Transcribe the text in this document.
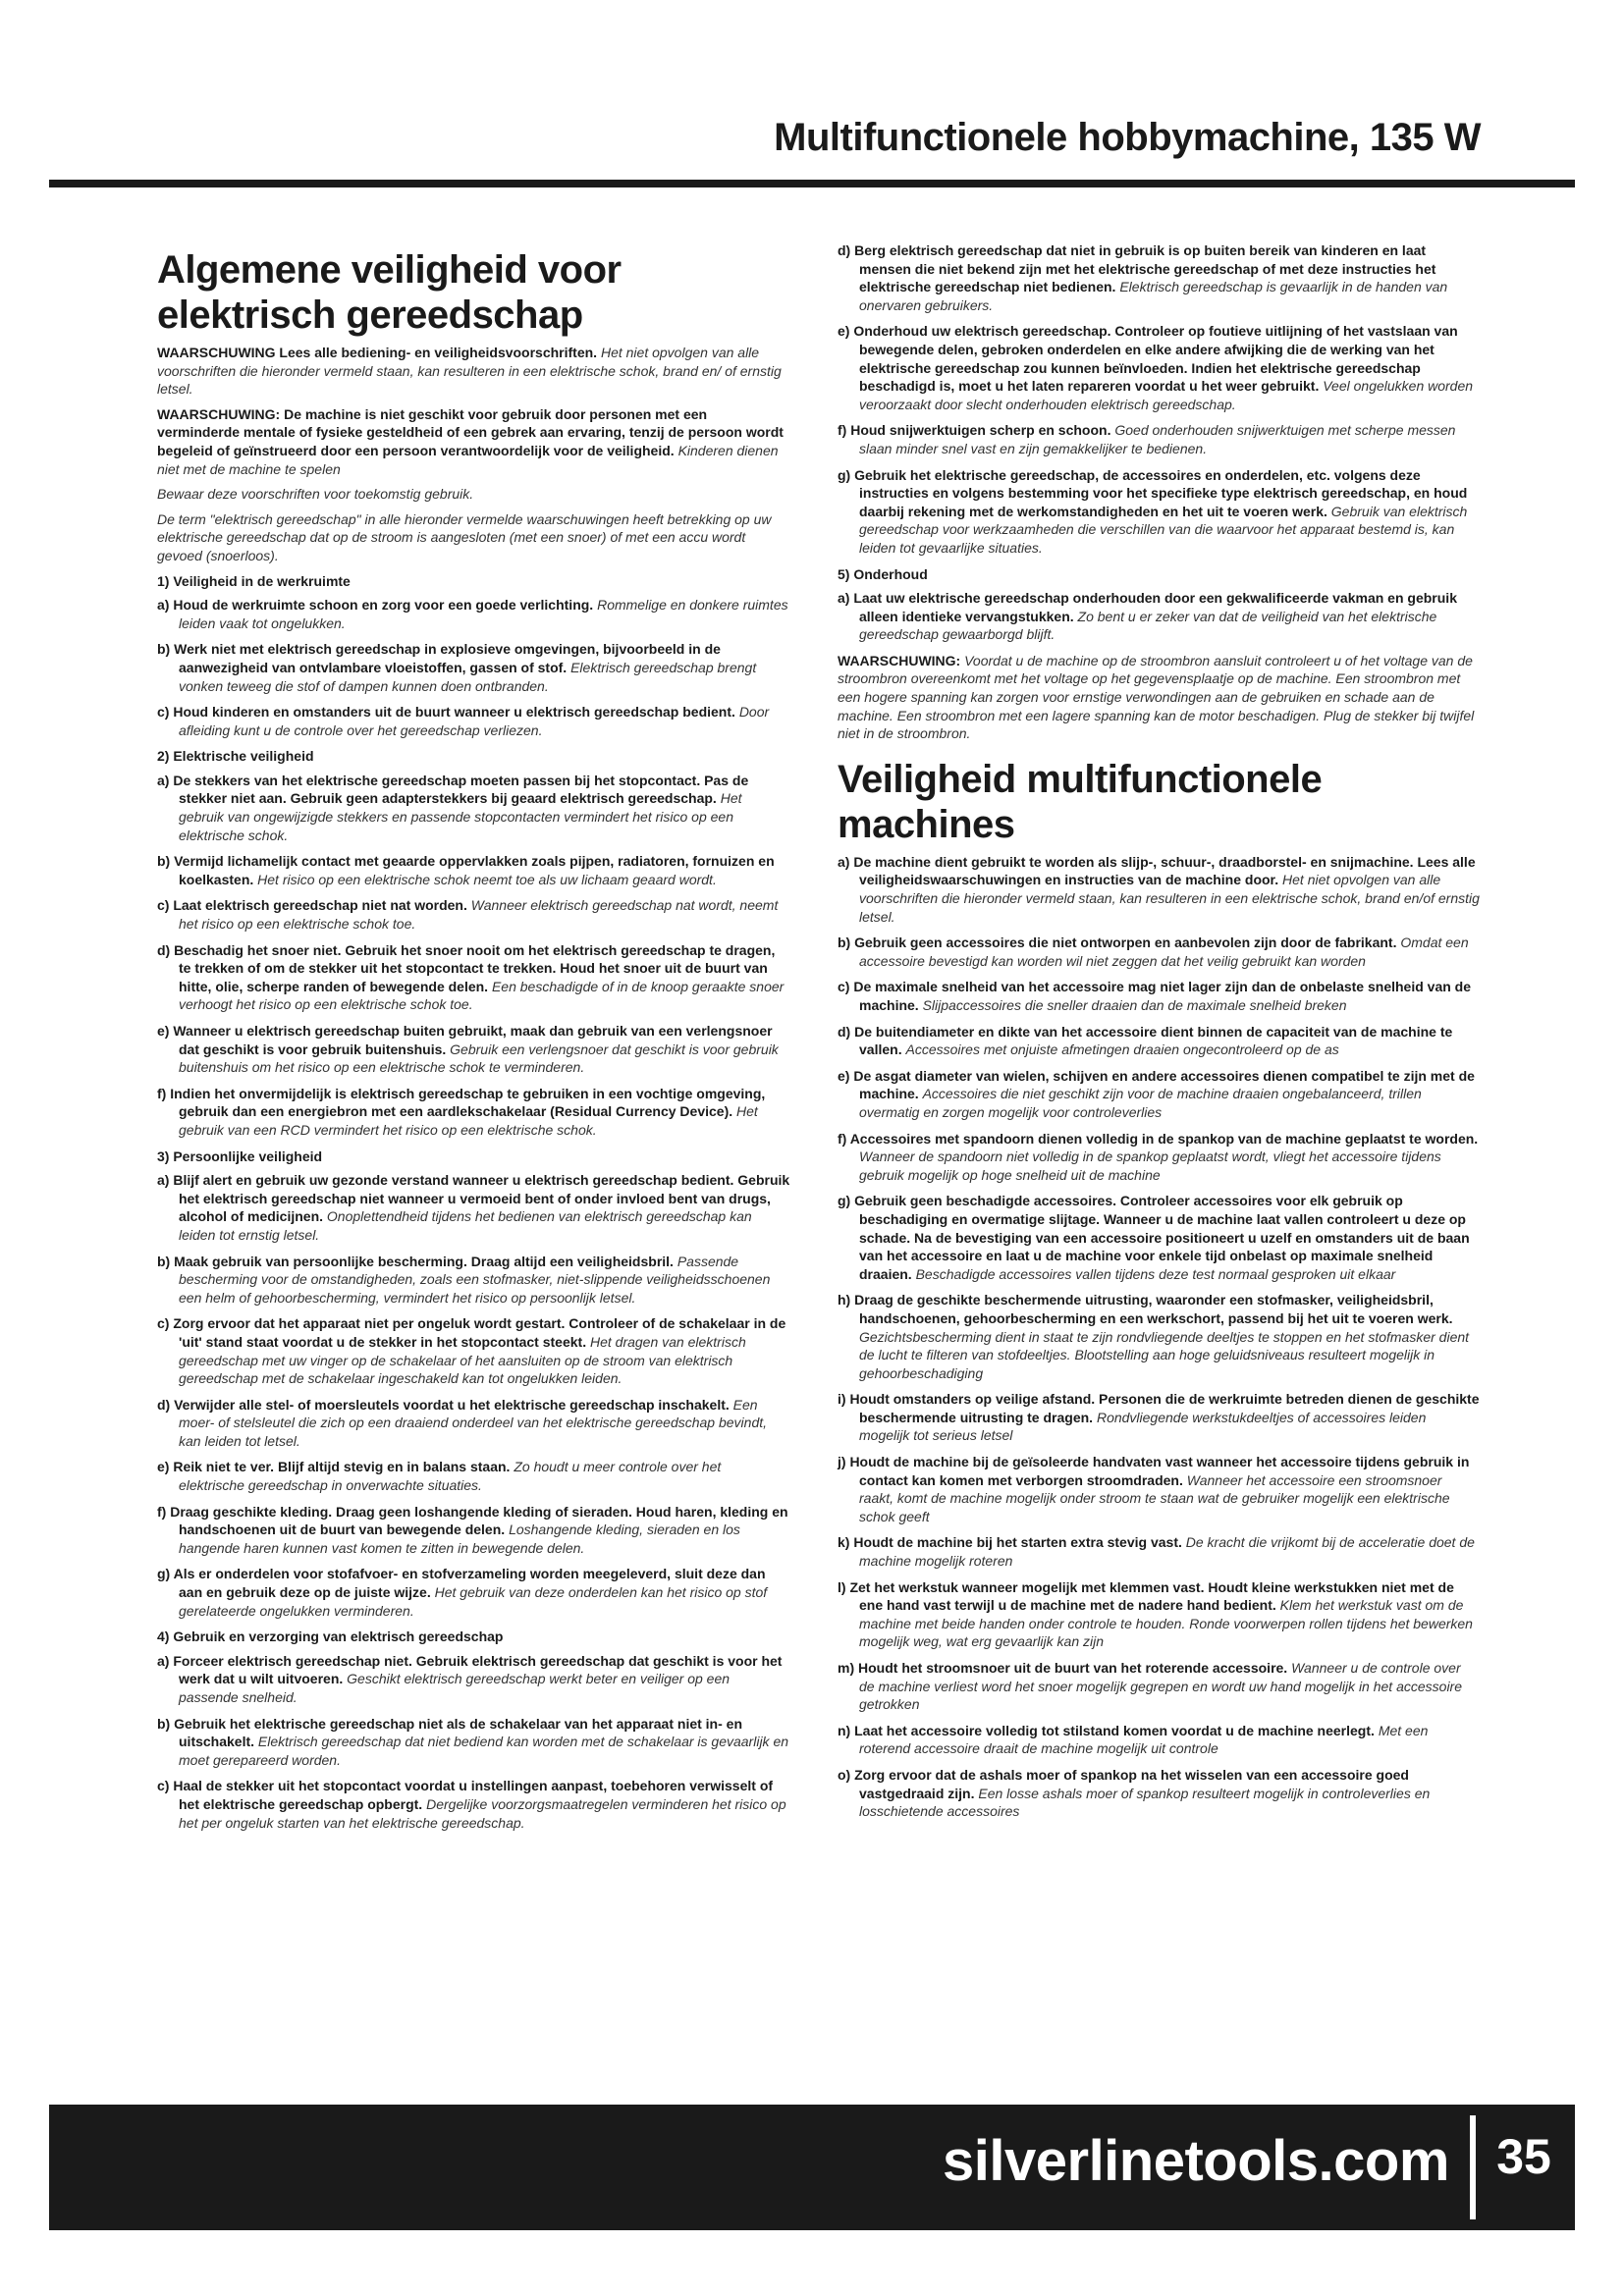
Multifunctionele hobbymachine, 135 W
Algemene veiligheid voor elektrisch gereedschap

WAARSCHUWING Lees alle bediening- en veiligheidsvoorschriften. Het niet opvolgen van alle voorschriften die hieronder vermeld staan, kan resulteren in een elektrische schok, brand en/ of ernstig letsel.

WAARSCHUWING: De machine is niet geschikt voor gebruik door personen met een verminderde mentale of fysieke gesteldheid of een gebrek aan ervaring, tenzij de persoon wordt begeleid of geïnstrueerd door een persoon verantwoordelijk voor de veiligheid. Kinderen dienen niet met de machine te spelen

Bewaar deze voorschriften voor toekomstig gebruik.

De term "elektrisch gereedschap" in alle hieronder vermelde waarschuwingen heeft betrekking op uw elektrische gereedschap dat op de stroom is aangesloten (met een snoer) of met een accu wordt gevoed (snoerloos).

1) Veiligheid in de werkruimte

a) Houd de werkruimte schoon en zorg voor een goede verlichting. Rommelige en donkere ruimtes leiden vaak tot ongelukken.

b) Werk niet met elektrisch gereedschap in explosieve omgevingen, bijvoorbeeld in de aanwezigheid van ontvlambare vloeistoffen, gassen of stof. Elektrisch gereedschap brengt vonken teweeg die stof of dampen kunnen doen ontbranden.

c) Houd kinderen en omstanders uit de buurt wanneer u elektrisch gereedschap bedient. Door afleiding kunt u de controle over het gereedschap verliezen.

2) Elektrische veiligheid

a) De stekkers van het elektrische gereedschap moeten passen bij het stopcontact. Pas de stekker niet aan. Gebruik geen adapterstekkers bij geaard elektrisch gereedschap. Het gebruik van ongewijzigde stekkers en passende stopcontacten vermindert het risico op een elektrische schok.

b) Vermijd lichamelijk contact met geaarde oppervlakken zoals pijpen, radiatoren, fornuizen en koelkasten. Het risico op een elektrische schok neemt toe als uw lichaam geaard wordt.

c) Laat elektrisch gereedschap niet nat worden. Wanneer elektrisch gereedschap nat wordt, neemt het risico op een elektrische schok toe.

d) Beschadig het snoer niet. Gebruik het snoer nooit om het elektrisch gereedschap te dragen, te trekken of om de stekker uit het stopcontact te trekken. Houd het snoer uit de buurt van hitte, olie, scherpe randen of bewegende delen. Een beschadigde of in de knoop geraakte snoer verhoogt het risico op een elektrische schok toe.

e) Wanneer u elektrisch gereedschap buiten gebruikt, maak dan gebruik van een verlengsnoer dat geschikt is voor gebruik buitenshuis. Gebruik een verlengsnoer dat geschikt is voor gebruik buitenshuis om het risico op een elektrische schok te verminderen.

f) Indien het onvermijdelijk is elektrisch gereedschap te gebruiken in een vochtige omgeving, gebruik dan een energiebron met een aardlekschakelaar (Residual Currency Device). Het gebruik van een RCD vermindert het risico op een elektrische schok.

3) Persoonlijke veiligheid

a) Blijf alert en gebruik uw gezonde verstand wanneer u elektrisch gereedschap bedient. Gebruik het elektrisch gereedschap niet wanneer u vermoeid bent of onder invloed bent van drugs, alcohol of medicijnen. Onoplettendheid tijdens het bedienen van elektrisch gereedschap kan leiden tot ernstig letsel.

b) Maak gebruik van persoonlijke bescherming. Draag altijd een veiligheidsbril. Passende bescherming voor de omstandigheden, zoals een stofmasker, niet-slippende veiligheidsschoenen een helm of gehoorbescherming, vermindert het risico op persoonlijk letsel.

c) Zorg ervoor dat het apparaat niet per ongeluk wordt gestart. Controleer of de schakelaar in de 'uit' stand staat voordat u de stekker in het stopcontact steekt. Het dragen van elektrisch gereedschap met uw vinger op de schakelaar of het aansluiten op de stroom van elektrisch gereedschap met de schakelaar ingeschakeld kan tot ongelukken leiden.

d) Verwijder alle stel- of moersleutels voordat u het elektrische gereedschap inschakelt. Een moer- of stelsleutel die zich op een draaiend onderdeel van het elektrische gereedschap bevindt, kan leiden tot letsel.

e) Reik niet te ver. Blijf altijd stevig en in balans staan. Zo houdt u meer controle over het elektrische gereedschap in onverwachte situaties.

f) Draag geschikte kleding. Draag geen loshangende kleding of sieraden. Houd haren, kleding en handschoenen uit de buurt van bewegende delen. Loshangende kleding, sieraden en los hangende haren kunnen vast komen te zitten in bewegende delen.

g) Als er onderdelen voor stofafvoer- en stofverzameling worden meegeleverd, sluit deze dan aan en gebruik deze op de juiste wijze. Het gebruik van deze onderdelen kan het risico op stof gerelateerde ongelukken verminderen.

4) Gebruik en verzorging van elektrisch gereedschap

a) Forceer elektrisch gereedschap niet. Gebruik elektrisch gereedschap dat geschikt is voor het werk dat u wilt uitvoeren. Geschikt elektrisch gereedschap werkt beter en veiliger op een passende snelheid.

b) Gebruik het elektrische gereedschap niet als de schakelaar van het apparaat niet in- en uitschakelt. Elektrisch gereedschap dat niet bediend kan worden met de schakelaar is gevaarlijk en moet gerepareerd worden.

c) Haal de stekker uit het stopcontact voordat u instellingen aanpast, toebehoren verwisselt of het elektrische gereedschap opbergt. Dergelijke voorzorgsmaatregelen verminderen het risico op het per ongeluk starten van het elektrische gereedschap.

d) Berg elektrisch gereedschap dat niet in gebruik is op buiten bereik van kinderen en laat mensen die niet bekend zijn met het elektrische gereedschap of met deze instructies het elektrische gereedschap niet bedienen. Elektrisch gereedschap is gevaarlijk in de handen van onervaren gebruikers.

e) Onderhoud uw elektrisch gereedschap. Controleer op foutieve uitlijning of het vastslaan van bewegende delen, gebroken onderdelen en elke andere afwijking die de werking van het elektrische gereedschap zou kunnen beïnvloeden. Indien het elektrische gereedschap beschadigd is, moet u het laten repareren voordat u het weer gebruikt. Veel ongelukken worden veroorzaakt door slecht onderhouden elektrisch gereedschap.

f) Houd snijwerktuigen scherp en schoon. Goed onderhouden snijwerktuigen met scherpe messen slaan minder snel vast en zijn gemakkelijker te bedienen.

g) Gebruik het elektrische gereedschap, de accessoires en onderdelen, etc. volgens deze instructies en volgens bestemming voor het specifieke type elektrisch gereedschap, en houd daarbij rekening met de werkomstandigheden en het uit te voeren werk. Gebruik van elektrisch gereedschap voor werkzaamheden die verschillen van die waarvoor het apparaat bestemd is, kan leiden tot gevaarlijke situaties.

5) Onderhoud

a) Laat uw elektrische gereedschap onderhouden door een gekwalificeerde vakman en gebruik alleen identieke vervangstukken. Zo bent u er zeker van dat de veiligheid van het elektrische gereedschap gewaarborgd blijft.

WAARSCHUWING: Voordat u de machine op de stroombron aansluit controleert u of het voltage van de stroombron overeenkomt met het voltage op het gegevensplaatje op de machine. Een stroombron met een hogere spanning kan zorgen voor ernstige verwondingen aan de gebruiken en schade aan de machine. Een stroombron met een lagere spanning kan de motor beschadigen. Plug de stekker bij twijfel niet in de stroombron.

Veiligheid multifunctionele machines

a) De machine dient gebruikt te worden als slijp-, schuur-, draadborstel- en snijmachine. Lees alle veiligheidswaarschuwingen en instructies van de machine door. Het niet opvolgen van alle voorschriften die hieronder vermeld staan, kan resulteren in een elektrische schok, brand en/of ernstig letsel.

b) Gebruik geen accessoires die niet ontworpen en aanbevolen zijn door de fabrikant. Omdat een accessoire bevestigd kan worden wil niet zeggen dat het veilig gebruikt kan worden

c) De maximale snelheid van het accessoire mag niet lager zijn dan de onbelaste snelheid van de machine. Slijpaccessoires die sneller draaien dan de maximale snelheid breken

d) De buitendiameter en dikte van het accessoire dient binnen de capaciteit van de machine te vallen. Accessoires met onjuiste afmetingen draaien ongecontroleerd op de as

e) De asgat diameter van wielen, schijven en andere accessoires dienen compatibel te zijn met de machine. Accessoires die niet geschikt zijn voor de machine draaien ongebalanceerd, trillen overmatig en zorgen mogelijk voor controleverlies

f) Accessoires met spandoorn dienen volledig in de spankop van de machine geplaatst te worden. Wanneer de spandoorn niet volledig in de spankop geplaatst wordt, vliegt het accessoire tijdens gebruik mogelijk op hoge snelheid uit de machine

g) Gebruik geen beschadigde accessoires. Controleer accessoires voor elk gebruik op beschadiging en overmatige slijtage. Wanneer u de machine laat vallen controleert u deze op schade. Na de bevestiging van een accessoire positioneert u uzelf en omstanders uit de baan van het accessoire en laat u de machine voor enkele tijd onbelast op maximale snelheid draaien. Beschadigde accessoires vallen tijdens deze test normaal gesproken uit elkaar

h) Draag de geschikte beschermende uitrusting, waaronder een stofmasker, veiligheidsbril, handschoenen, gehoorbescherming en een werkschort, passend bij het uit te voeren werk. Gezichtsbescherming dient in staat te zijn rondvliegende deeltjes te stoppen en het stofmasker dient de lucht te filteren van stofdeeltjes. Blootstelling aan hoge geluidsniveaus resulteert mogelijk in gehoorbeschadiging

i) Houdt omstanders op veilige afstand. Personen die de werkruimte betreden dienen de geschikte beschermende uitrusting te dragen. Rondvliegende werkstukdeeltjes of accessoires leiden mogelijk tot serieus letsel

j) Houdt de machine bij de geïsoleerde handvaten vast wanneer het accessoire tijdens gebruik in contact kan komen met verborgen stroomdraden. Wanneer het accessoire een stroomsnoer raakt, komt de machine mogelijk onder stroom te staan wat de gebruiker mogelijk een elektrische schok geeft

k) Houdt de machine bij het starten extra stevig vast. De kracht die vrijkomt bij de acceleratie doet de machine mogelijk roteren

l) Zet het werkstuk wanneer mogelijk met klemmen vast. Houdt kleine werkstukken niet met de ene hand vast terwijl u de machine met de nadere hand bedient. Klem het werkstuk vast om de machine met beide handen onder controle te houden. Ronde voorwerpen rollen tijdens het bewerken mogelijk weg, wat erg gevaarlijk kan zijn

m) Houdt het stroomsnoer uit de buurt van het roterende accessoire. Wanneer u de controle over de machine verliest word het snoer mogelijk gegrepen en wordt uw hand mogelijk in het accessoire getrokken

n) Laat het accessoire volledig tot stilstand komen voordat u de machine neerlegt. Met een roterend accessoire draait de machine mogelijk uit controle

o) Zorg ervoor dat de ashals moer of spankop na het wisselen van een accessoire goed vastgedraaid zijn. Een losse ashals moer of spankop resulteert mogelijk in controleverlies en losschietende accessoires

silverlinetools.com 35
